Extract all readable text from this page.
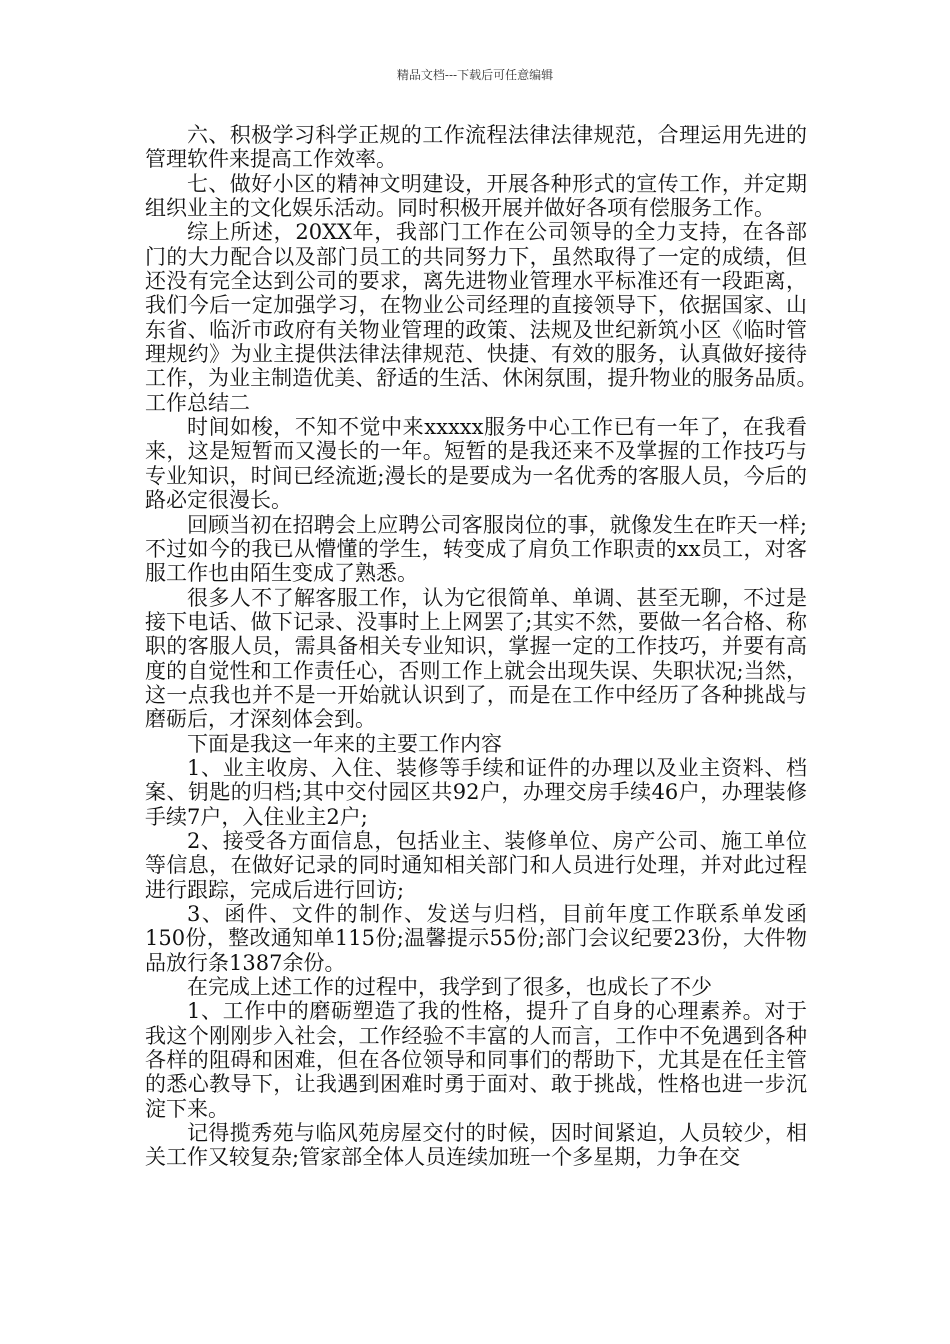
精品文档---下载后可任意编辑

六、积极学习科学正规的工作流程法律法律规范，合理运用先进的管理软件来提高工作效率。

七、做好小区的精神文明建设，开展各种形式的宣传工作，并定期组织业主的文化娱乐活动。同时积极开展并做好各项有偿服务工作。

综上所述，20XX年，我部门工作在公司领导的全力支持，在各部门的大力配合以及部门员工的共同努力下，虽然取得了一定的成绩，但还没有完全达到公司的要求，离先进物业管理水平标准还有一段距离，我们今后一定加强学习，在物业公司经理的直接领导下，依据国家、山东省、临沂市政府有关物业管理的政策、法规及世纪新筑小区《临时管理规约》为业主提供法律法律规范、快捷、有效的服务，认真做好接待工作，为业主制造优美、舒适的生活、休闲氛围，提升物业的服务品质。　　工作总结二

时间如梭，不知不觉中来xxxxx服务中心工作已有一年了，在我看来，这是短暂而又漫长的一年。短暂的是我还来不及掌握的工作技巧与专业知识，时间已经流逝;漫长的是要成为一名优秀的客服人员，今后的路必定很漫长。

回顾当初在招聘会上应聘公司客服岗位的事，就像发生在昨天一样;不过如今的我已从懵懂的学生，转变成了肩负工作职责的xx员工，对客服工作也由陌生变成了熟悉。

很多人不了解客服工作，认为它很简单、单调、甚至无聊，不过是接下电话、做下记录、没事时上上网罢了;其实不然，要做一名合格、称职的客服人员，需具备相关专业知识，掌握一定的工作技巧，并要有高度的自觉性和工作责任心，否则工作上就会出现失误、失职状况;当然，这一点我也并不是一开始就认识到了，而是在工作中经历了各种挑战与磨砺后，才深刻体会到。

下面是我这一年来的主要工作内容

1、业主收房、入住、装修等手续和证件的办理以及业主资料、档案、钥匙的归档;其中交付园区共92户，办理交房手续46户，办理装修手续7户，入住业主2户;

2、接受各方面信息，包括业主、装修单位、房产公司、施工单位等信息，在做好记录的同时通知相关部门和人员进行处理，并对此过程进行跟踪，完成后进行回访;

3、函件、文件的制作、发送与归档，目前年度工作联系单发函150份，整改通知单115份;温馨提示55份;部门会议纪要23份，大件物品放行条1387余份。

在完成上述工作的过程中，我学到了很多，也成长了不少

1、工作中的磨砺塑造了我的性格，提升了自身的心理素养。对于我这个刚刚步入社会，工作经验不丰富的人而言，工作中不免遇到各种各样的阻碍和困难，但在各位领导和同事们的帮助下，尤其是在任主管的悉心教导下，让我遇到困难时勇于面对、敢于挑战，性格也进一步沉淀下来。

记得揽秀苑与临风苑房屋交付的时候，因时间紧迫，人员较少，相关工作又较复杂;管家部全体人员连续加班一个多星期，力争在交
